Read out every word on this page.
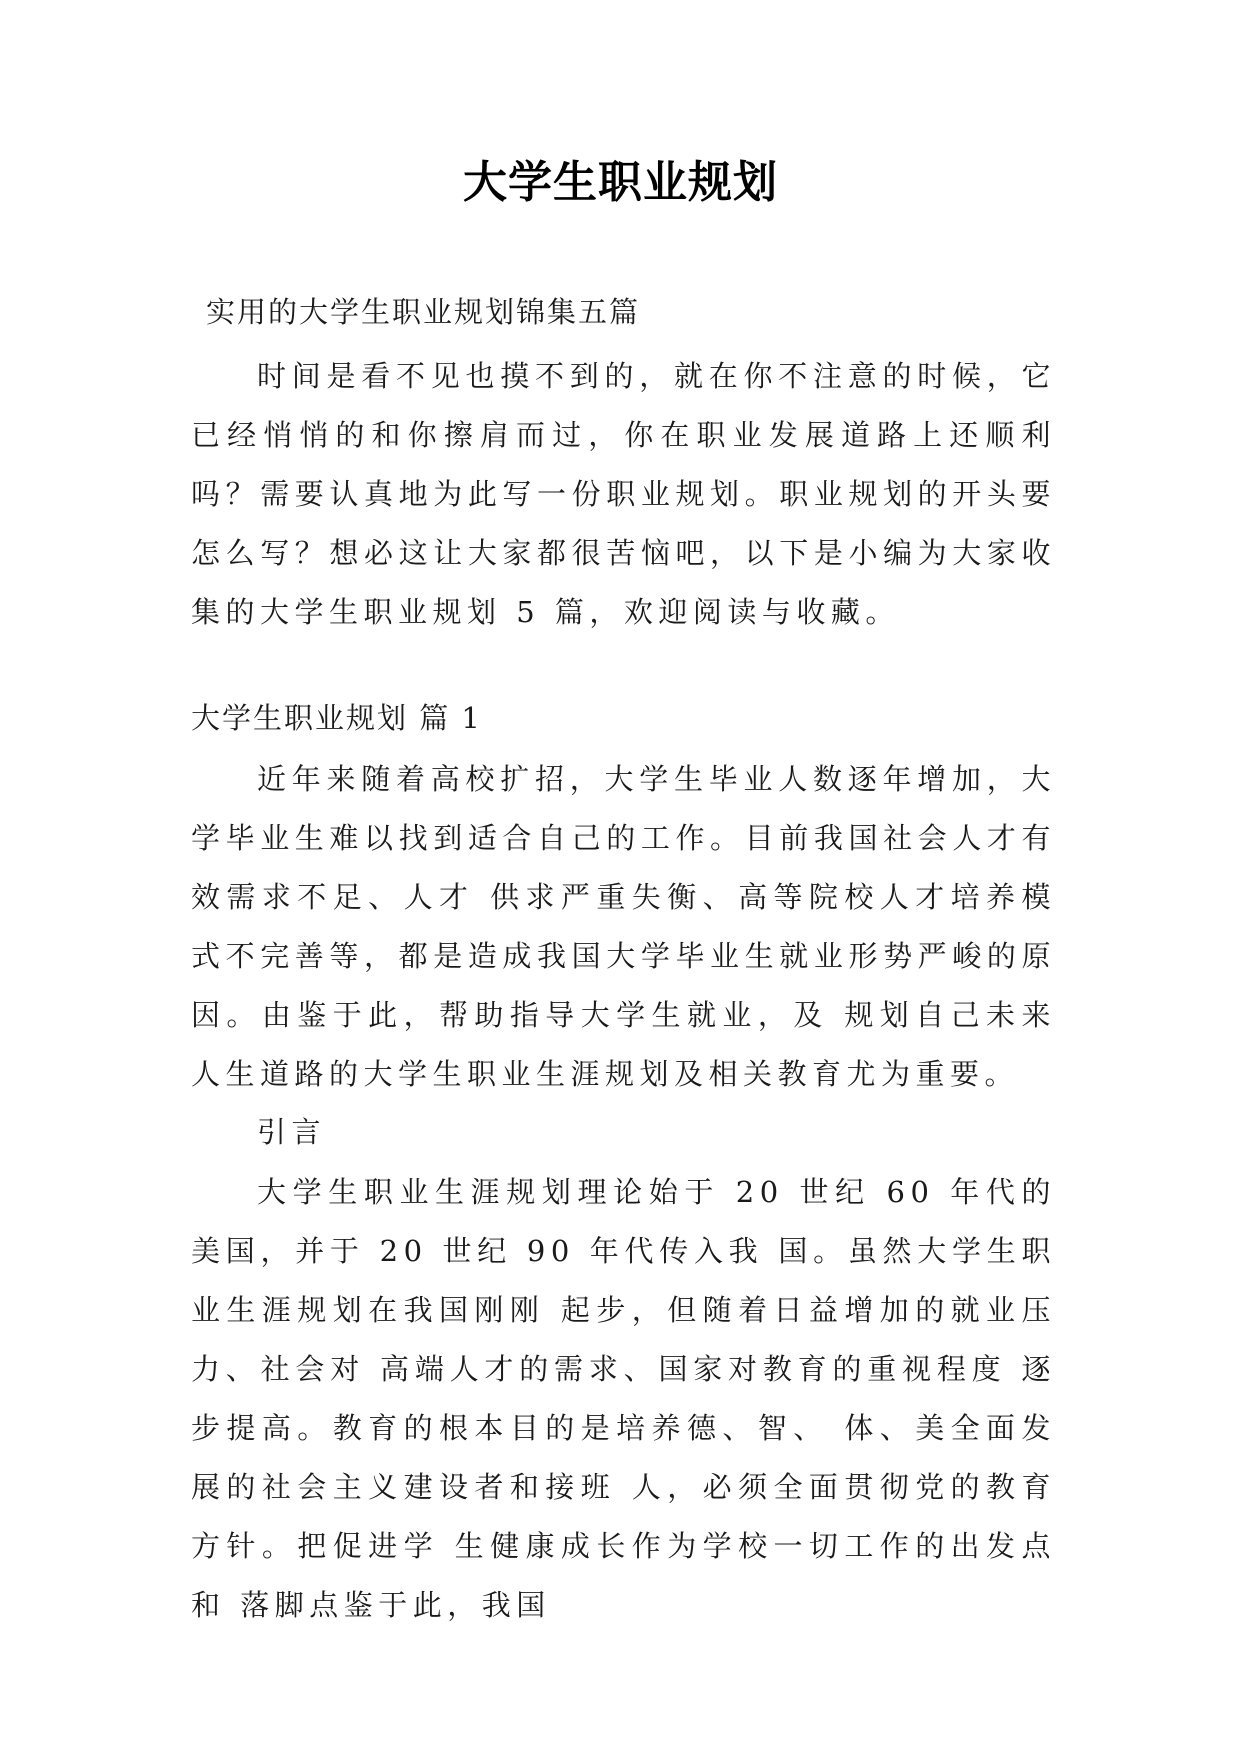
大学生职业规划

实用的大学生职业规划锦集五篇

时间是看不见也摸不到的，就在你不注意的时候，它已经悄悄的和你擦肩而过，你在职业发展道路上还顺利吗？需要认真地为此写一份职业规划。职业规划的开头要怎么写？想必这让大家都很苦恼吧，以下是小编为大家收集的大学生职业规划 5 篇，欢迎阅读与收藏。

大学生职业规划 篇 1

近年来随着高校扩招，大学生毕业人数逐年增加，大学毕业生难以找到适合自己的工作。目前我国社会人才有效需求不足、人才 供求严重失衡、高等院校人才培养模式不完善等，都是造成我国大学毕业生就业形势严峻的原因。由鉴于此，帮助指导大学生就业，及 规划自己未来人生道路的大学生职业生涯规划及相关教育尤为重要。

引言

大学生职业生涯规划理论始于 20 世纪 60 年代的美国，并于 20 世纪 90 年代传入我 国。虽然大学生职业生涯规划在我国刚刚 起步，但随着日益增加的就业压力、社会对 高端人才的需求、国家对教育的重视程度 逐步提高。教育的根本目的是培养德、智、 体、美全面发展的社会主义建设者和接班 人，必须全面贯彻党的教育方针。把促进学 生健康成长作为学校一切工作的出发点和 落脚点鉴于此，我国
